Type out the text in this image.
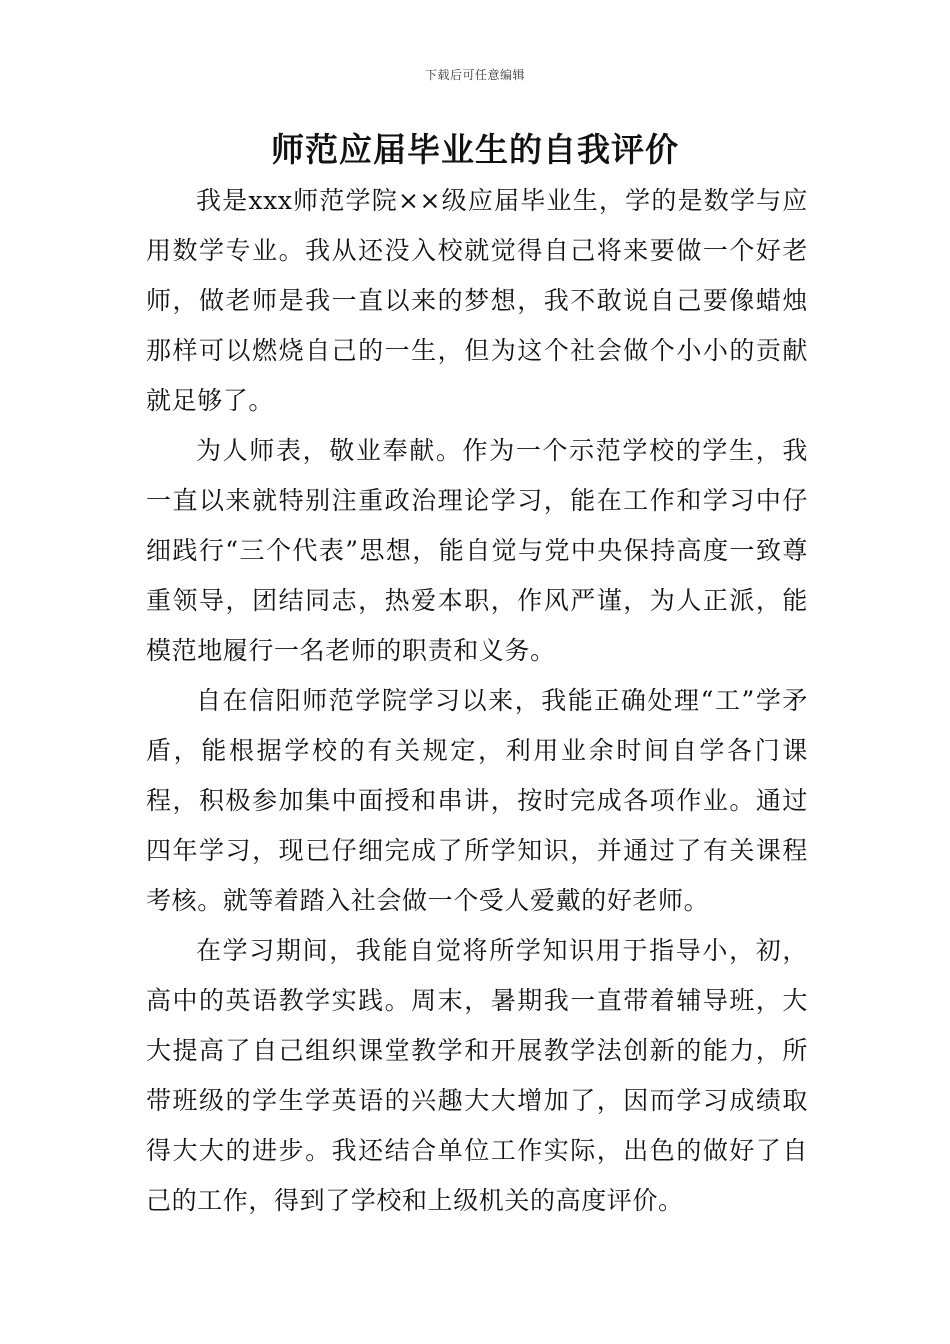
下载后可任意编辑
师范应届毕业生的自我评价

我是xxx师范学院××级应届毕业生，学的是数学与应用数学专业。我从还没入校就觉得自己将来要做一个好老师，做老师是我一直以来的梦想，我不敢说自己要像蜡烛那样可以燃烧自己的一生，但为这个社会做个小小的贡献就足够了。

为人师表，敬业奉献。作为一个示范学校的学生，我一直以来就特别注重政治理论学习，能在工作和学习中仔细践行“三个代表”思想，能自觉与党中央保持高度一致尊重领导，团结同志，热爱本职，作风严谨，为人正派，能模范地履行一名老师的职责和义务。

自在信阳师范学院学习以来，我能正确处理“工”学矛盾，能根据学校的有关规定，利用业余时间自学各门课程，积极参加集中面授和串讲，按时完成各项作业。通过四年学习，现已仔细完成了所学知识，并通过了有关课程考核。就等着踏入社会做一个受人爱戴的好老师。

在学习期间，我能自觉将所学知识用于指导小，初，高中的英语教学实践。周末，暑期我一直带着辅导班，大大提高了自己组织课堂教学和开展教学法创新的能力，所带班级的学生学英语的兴趣大大增加了，因而学习成绩取得大大的进步。我还结合单位工作实际，出色的做好了自己的工作，得到了学校和上级机关的高度评价。
